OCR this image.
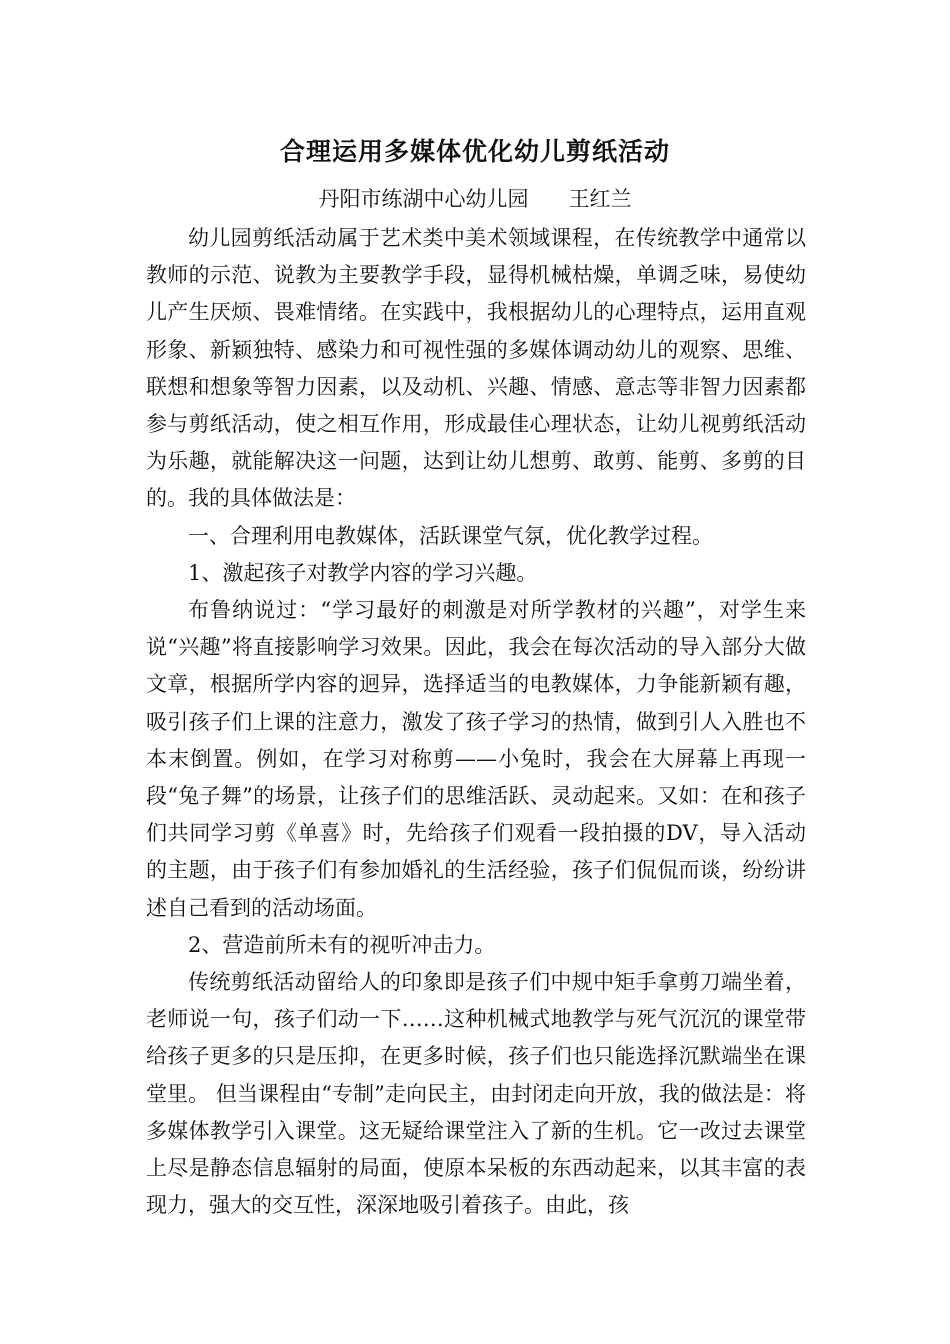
合理运用多媒体优化幼儿剪纸活动
丹阳市练湖中心幼儿园 王红兰

幼儿园剪纸活动属于艺术类中美术领域课程，在传统教学中通常以教师的示范、说教为主要教学手段，显得机械枯燥，单调乏味，易使幼儿产生厌烦、畏难情绪。在实践中，我根据幼儿的心理特点，运用直观形象、新颖独特、感染力和可视性强的多媒体调动幼儿的观察、思维、联想和想象等智力因素，以及动机、兴趣、情感、意志等非智力因素都参与剪纸活动，使之相互作用，形成最佳心理状态，让幼儿视剪纸活动为乐趣，就能解决这一问题，达到让幼儿想剪、敢剪、能剪、多剪的目的。我的具体做法是：

一、合理利用电教媒体，活跃课堂气氛，优化教学过程。

1、激起孩子对教学内容的学习兴趣。

布鲁纳说过：“学习最好的刺激是对所学教材的兴趣”，对学生来说“兴趣”将直接影响学习效果。因此，我会在每次活动的导入部分大做文章，根据所学内容的迥异，选择适当的电教媒体，力争能新颖有趣，吸引孩子们上课的注意力，激发了孩子学习的热情，做到引人入胜也不本末倒置。例如，在学习对称剪——小兔时，我会在大屏幕上再现一段“兔子舞”的场景，让孩子们的思维活跃、灵动起来。又如：在和孩子们共同学习剪《单喜》时，先给孩子们观看一段拍摄的DV，导入活动的主题，由于孩子们有参加婚礼的生活经验，孩子们侃侃而谈，纷纷讲述自己看到的活动场面。

2、营造前所未有的视听冲击力。

传统剪纸活动留给人的印象即是孩子们中规中矩手拿剪刀端坐着，老师说一句，孩子们动一下……这种机械式地教学与死气沉沉的课堂带给孩子更多的只是压抑，在更多时候，孩子们也只能选择沉默端坐在课堂里。 但当课程由“专制”走向民主，由封闭走向开放，我的做法是：将多媒体教学引入课堂。这无疑给课堂注入了新的生机。它一改过去课堂上尽是静态信息辐射的局面，使原本呆板的东西动起来，以其丰富的表现力，强大的交互性，深深地吸引着孩子。由此，孩
